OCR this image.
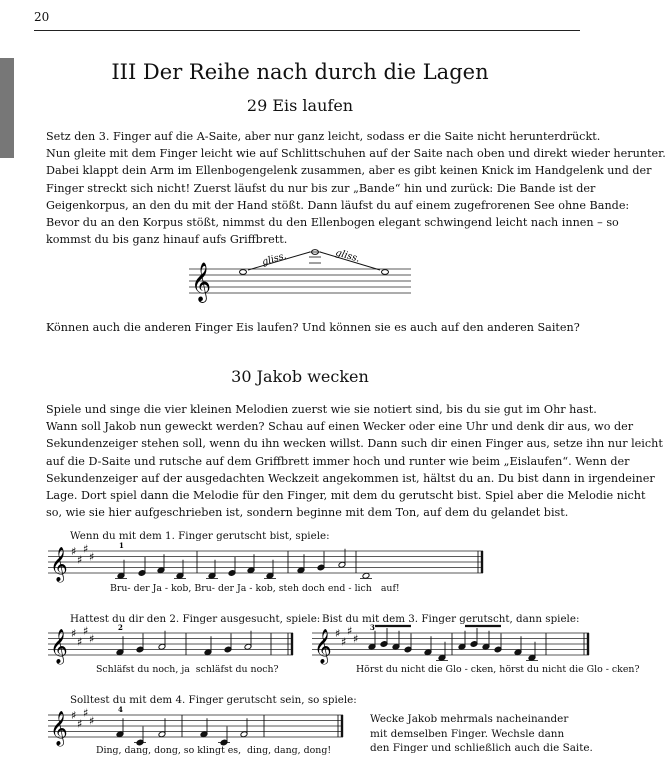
20
III Der Reihe nach durch die Lagen
29 Eis laufen
Setz den 3. Finger auf die A-Saite, aber nur ganz leicht, sodass er die Saite nicht herunterdrückt.
Nun gleite mit dem Finger leicht wie auf Schlittschuhen auf der Saite nach oben und direkt wieder herunter.
Dabei klappt dein Arm im Ellenbogengelenk zusammen, aber es gibt keinen Knick im Handgelenk und der
Finger streckt sich nicht! Zuerst läufst du nur bis zur „Bande“ hin und zurück: Die Bande ist der
Geigenkorpus, an den du mit der Hand stößt. Dann läufst du auf einem zugefrorenen See ohne Bande:
Bevor du an den Korpus stößt, nimmst du den Ellenbogen elegant schwingend leicht nach innen – so
kommst du bis ganz hinauf aufs Griffbrett.
𝄞
gliss.	gliss.
Können auch die anderen Finger Eis laufen? Und können sie es auch auf den anderen Saiten?
30 Jakob wecken
Spiele und singe die vier kleinen Melodien zuerst wie sie notiert sind, bis du sie gut im Ohr hast.
Wann soll Jakob nun geweckt werden? Schau auf einen Wecker oder eine Uhr und denk dir aus, wo der
Sekundenzeiger stehen soll, wenn du ihn wecken willst. Dann such dir einen Finger aus, setze ihn nur leicht
auf die D-Saite und rutsche auf dem Griffbrett immer hoch und runter wie beim „Eislaufen“. Wenn der
Sekundenzeiger auf der ausgedachten Weckzeit angekommen ist, hältst du an. Du bist dann in irgendeiner
Lage. Dort spiel dann die Melodie für den Finger, mit dem du gerutscht bist. Spiel aber die Melodie nicht
so, wie sie hier aufgeschrieben ist, sondern beginne mit dem Ton, auf dem du gelandet bist.
Wenn du mit dem 1. Finger gerutscht bist, spiele:
𝄞 ♯
♯
♯
♯
1
Bru- der Ja - kob, Bru- der Ja - kob, steh doch end - lich auf!
Hattest du dir den 2. Finger ausgesucht, spiele:
𝄞 ♯
♯
♯
♯
2
Schläfst du noch, ja schläfst du noch?
Bist du mit dem 3. Finger gerutscht, dann spiele:
𝄞 ♯
♯
♯
♯
3
Hörst du nicht die Glo - cken, hörst du nicht die Glo - cken?
Solltest du mit dem 4. Finger gerutscht sein, so spiele:
𝄞 ♯
♯
♯
♯
4
Ding, dang, dong, so klingt es, ding, dang, dong!
Wecke Jakob mehrmals nacheinander
mit demselben Finger. Wechsle dann
den Finger und schließlich auch die Saite.
